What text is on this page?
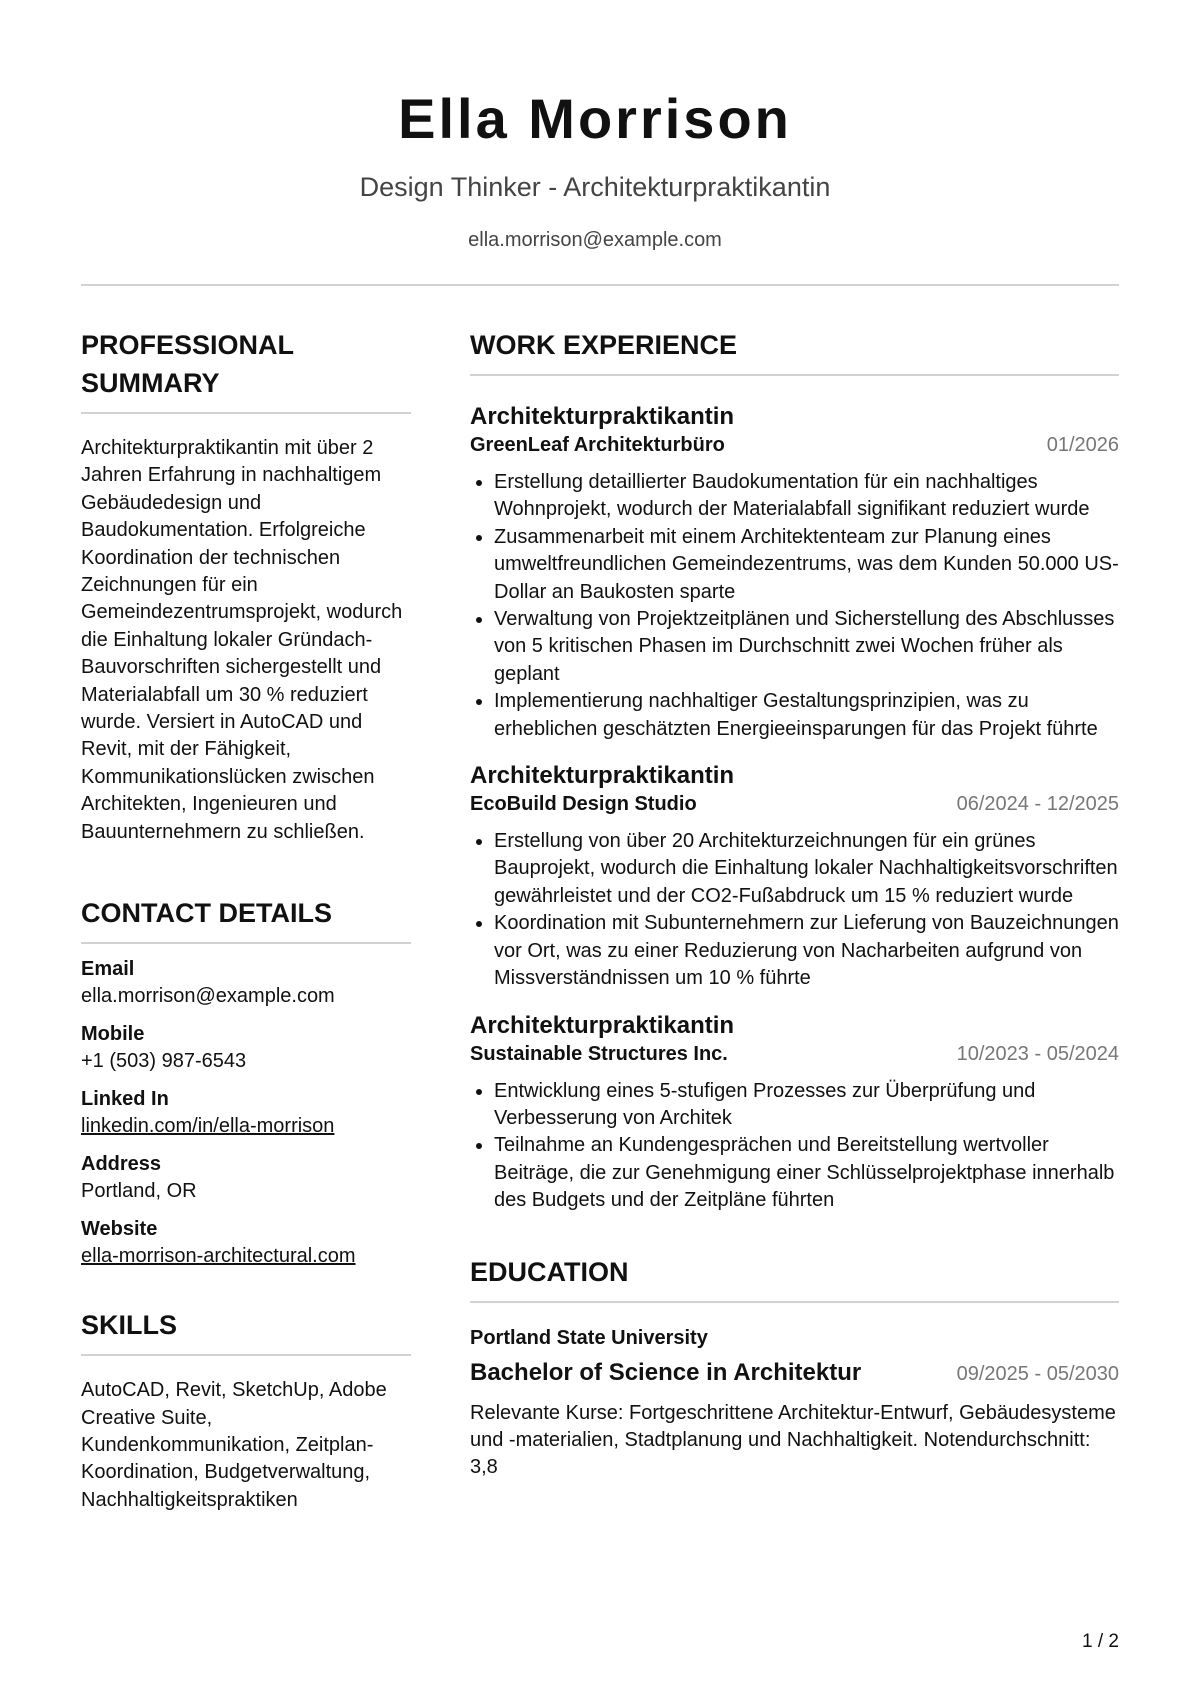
Ella Morrison
Design Thinker - Architekturpraktikantin
ella.morrison@example.com
PROFESSIONAL SUMMARY
Architekturpraktikantin mit über 2 Jahren Erfahrung in nachhaltigem Gebäudedesign und Baudokumentation. Erfolgreiche Koordination der technischen Zeichnungen für ein Gemeindezentrumsprojekt, wodurch die Einhaltung lokaler Gründach-Bauvorschriften sichergestellt und Materialabfall um 30 % reduziert wurde. Versiert in AutoCAD und Revit, mit der Fähigkeit, Kommunikationslücken zwischen Architekten, Ingenieuren und Bauunternehmern zu schließen.
CONTACT DETAILS
Email
ella.morrison@example.com
Mobile
+1 (503) 987-6543
Linked In
linkedin.com/in/ella-morrison
Address
Portland, OR
Website
ella-morrison-architectural.com
SKILLS
AutoCAD, Revit, SketchUp, Adobe Creative Suite, Kundenkommunikation, Zeitplan-Koordination, Budgetverwaltung, Nachhaltigkeitspraktiken
WORK EXPERIENCE
Architekturpraktikantin
GreenLeaf Architekturbüro	01/2026
Erstellung detaillierter Baudokumentation für ein nachhaltiges Wohnprojekt, wodurch der Materialabfall signifikant reduziert wurde
Zusammenarbeit mit einem Architektenteam zur Planung eines umweltfreundlichen Gemeindezentrums, was dem Kunden 50.000 US-Dollar an Baukosten sparte
Verwaltung von Projektzeitplänen und Sicherstellung des Abschlusses von 5 kritischen Phasen im Durchschnitt zwei Wochen früher als geplant
Implementierung nachhaltiger Gestaltungsprinzipien, was zu erheblichen geschätzten Energieeinsparungen für das Projekt führte
Architekturpraktikantin
EcoBuild Design Studio	06/2024 - 12/2025
Erstellung von über 20 Architekturzeichnungen für ein grünes Bauprojekt, wodurch die Einhaltung lokaler Nachhaltigkeitsvorschriften gewährleistet und der CO2-Fußabdruck um 15 % reduziert wurde
Koordination mit Subunternehmern zur Lieferung von Bauzeichnungen vor Ort, was zu einer Reduzierung von Nacharbeiten aufgrund von Missverständnissen um 10 % führte
Architekturpraktikantin
Sustainable Structures Inc.	10/2023 - 05/2024
Entwicklung eines 5-stufigen Prozesses zur Überprüfung und Verbesserung von Architek
Teilnahme an Kundengesprächen und Bereitstellung wertvoller Beiträge, die zur Genehmigung einer Schlüsselprojektphase innerhalb des Budgets und der Zeitpläne führten
EDUCATION
Portland State University
Bachelor of Science in Architektur	09/2025 - 05/2030
Relevante Kurse: Fortgeschrittene Architektur-Entwurf, Gebäudesysteme und -materialien, Stadtplanung und Nachhaltigkeit. Notendurchschnitt: 3,8
1 / 2
